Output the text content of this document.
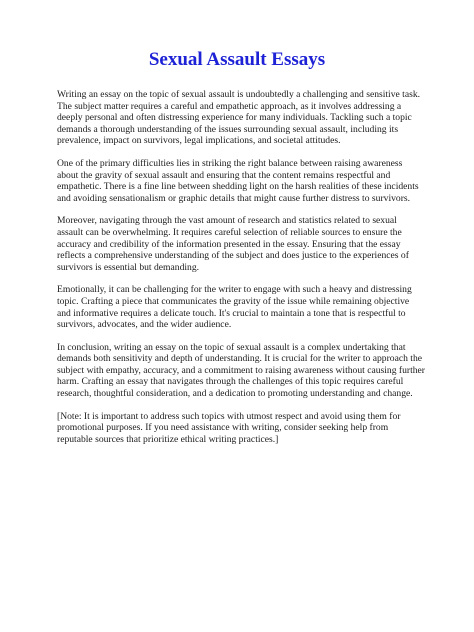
Sexual Assault Essays

Writing an essay on the topic of sexual assault is undoubtedly a challenging and sensitive task. The subject matter requires a careful and empathetic approach, as it involves addressing a deeply personal and often distressing experience for many individuals. Tackling such a topic demands a thorough understanding of the issues surrounding sexual assault, including its prevalence, impact on survivors, legal implications, and societal attitudes.

One of the primary difficulties lies in striking the right balance between raising awareness about the gravity of sexual assault and ensuring that the content remains respectful and empathetic. There is a fine line between shedding light on the harsh realities of these incidents and avoiding sensationalism or graphic details that might cause further distress to survivors.

Moreover, navigating through the vast amount of research and statistics related to sexual assault can be overwhelming. It requires careful selection of reliable sources to ensure the accuracy and credibility of the information presented in the essay. Ensuring that the essay reflects a comprehensive understanding of the subject and does justice to the experiences of survivors is essential but demanding.

Emotionally, it can be challenging for the writer to engage with such a heavy and distressing topic. Crafting a piece that communicates the gravity of the issue while remaining objective and informative requires a delicate touch. It's crucial to maintain a tone that is respectful to survivors, advocates, and the wider audience.

In conclusion, writing an essay on the topic of sexual assault is a complex undertaking that demands both sensitivity and depth of understanding. It is crucial for the writer to approach the subject with empathy, accuracy, and a commitment to raising awareness without causing further harm. Crafting an essay that navigates through the challenges of this topic requires careful research, thoughtful consideration, and a dedication to promoting understanding and change.

[Note: It is important to address such topics with utmost respect and avoid using them for promotional purposes. If you need assistance with writing, consider seeking help from reputable sources that prioritize ethical writing practices.]
